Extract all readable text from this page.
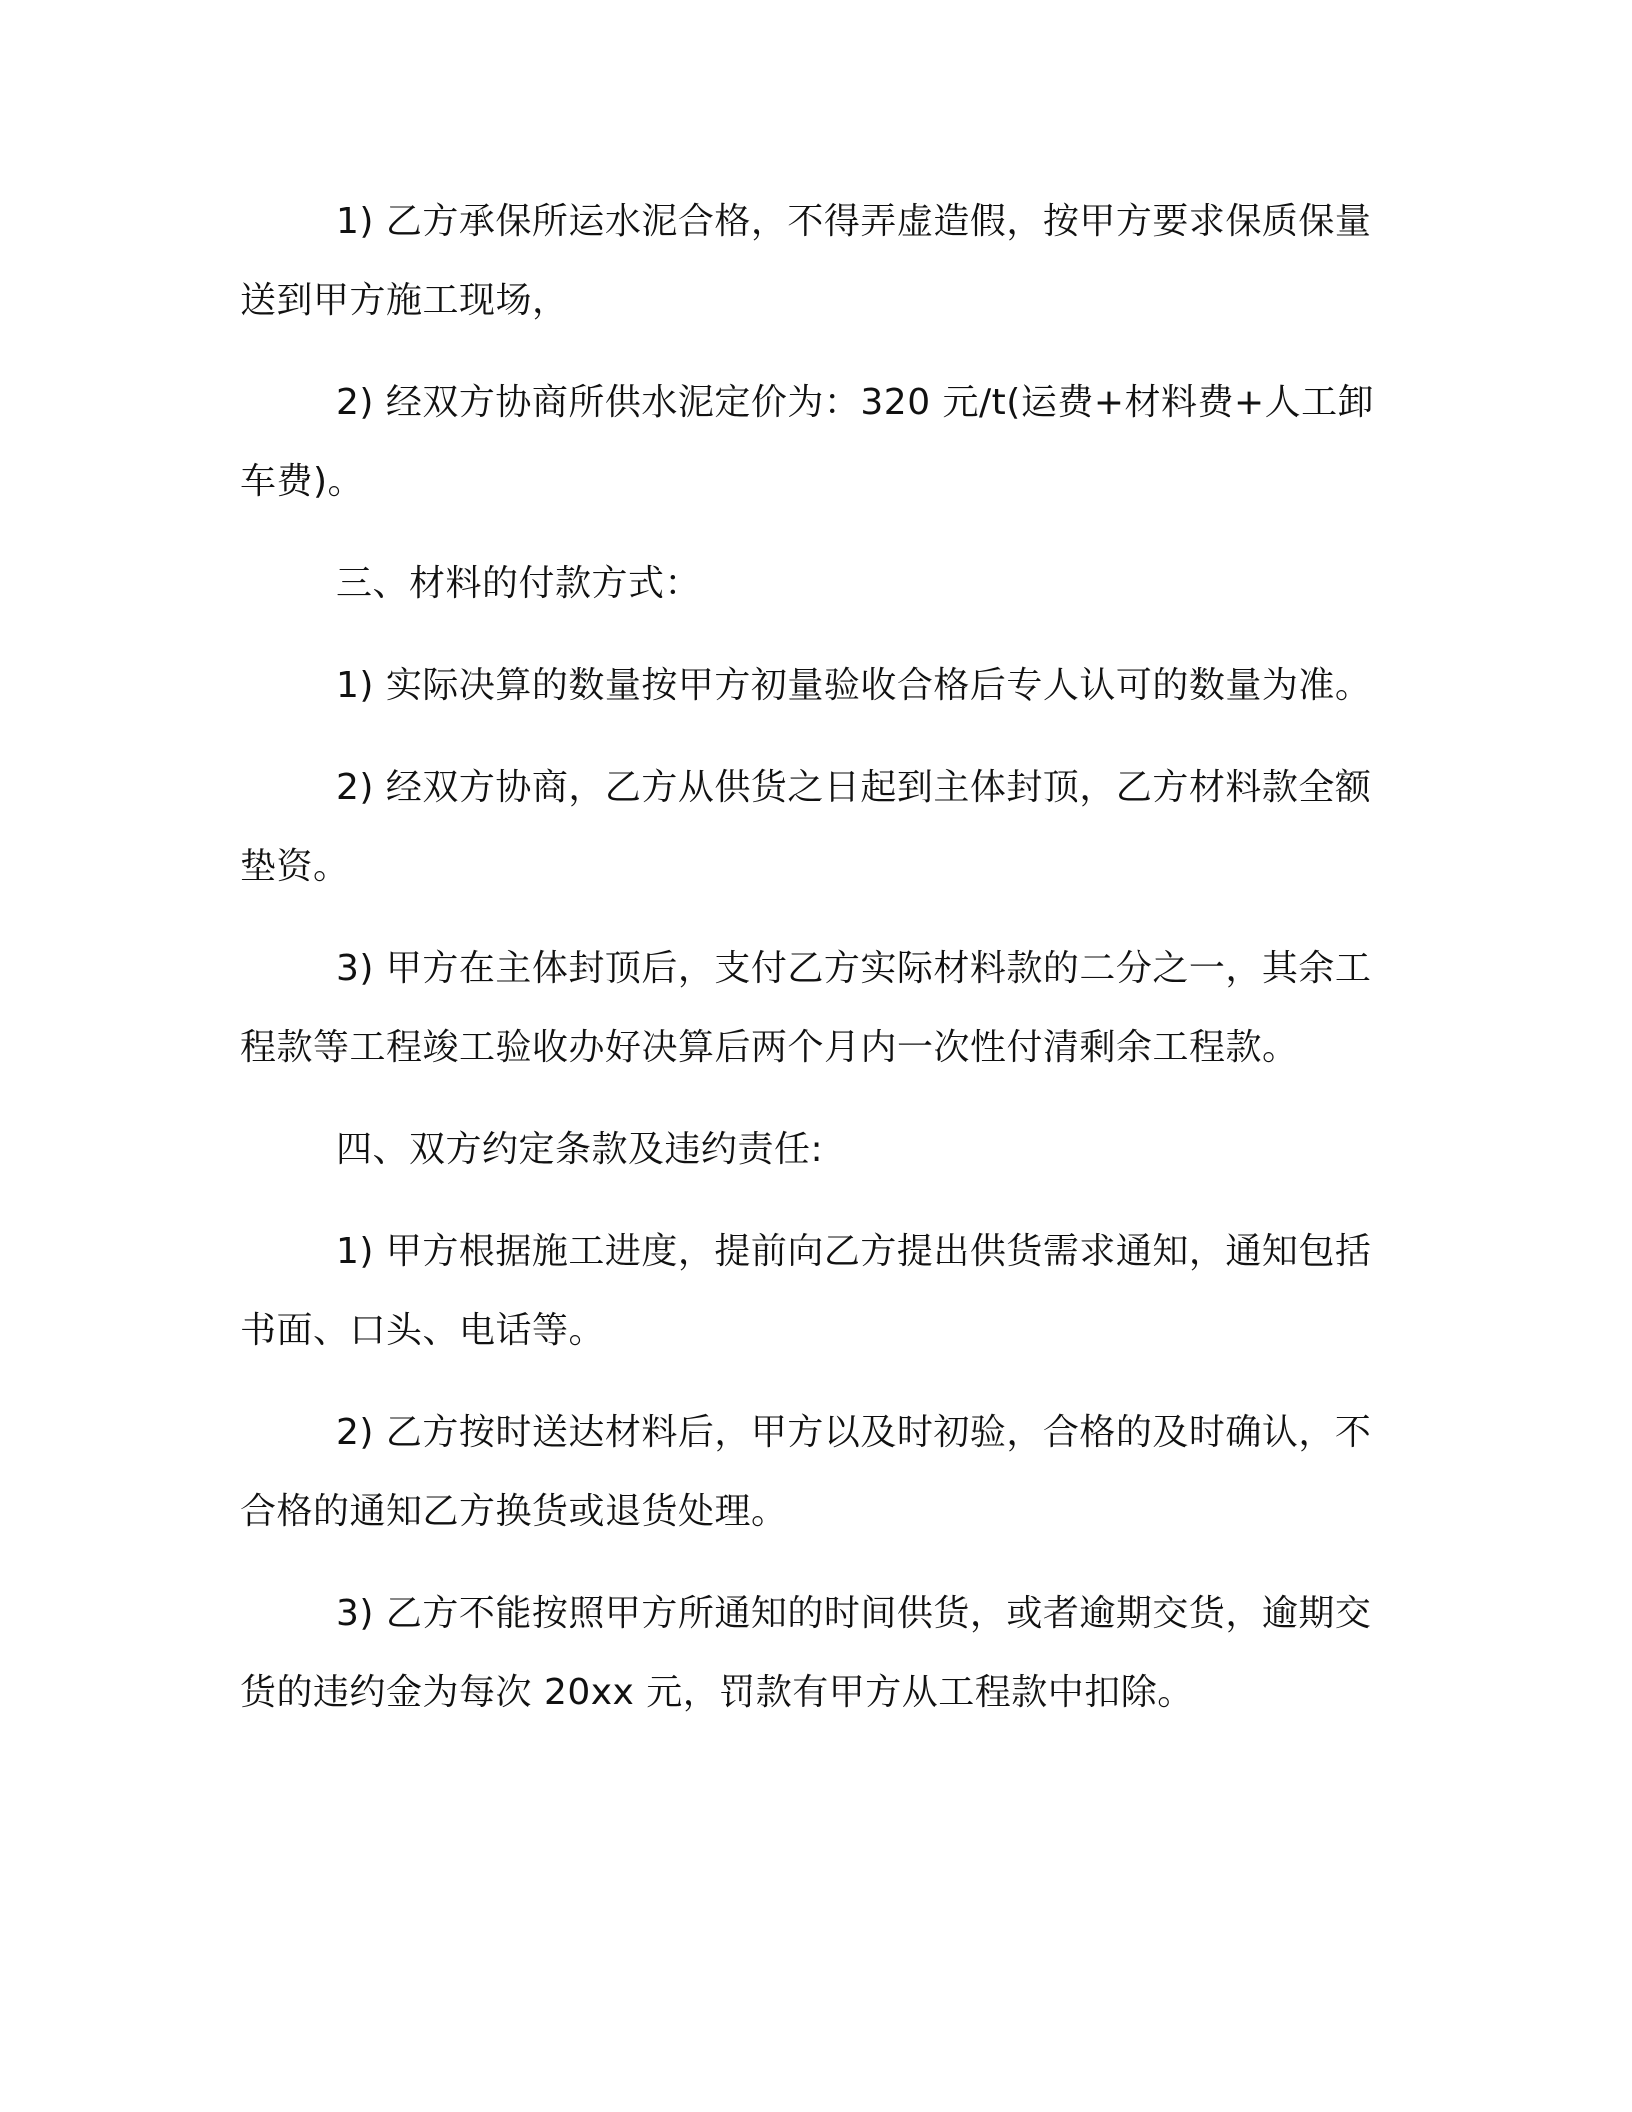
1) 乙方承保所运水泥合格，不得弄虚造假，按甲方要求保质保量送到甲方施工现场，

2) 经双方协商所供水泥定价为：320 元/t(运费+材料费+人工卸车费)。

三、材料的付款方式：

1) 实际决算的数量按甲方初量验收合格后专人认可的数量为准。

2) 经双方协商，乙方从供货之日起到主体封顶，乙方材料款全额垫资。

3) 甲方在主体封顶后，支付乙方实际材料款的二分之一，其余工程款等工程竣工验收办好决算后两个月内一次性付清剩余工程款。

四、双方约定条款及违约责任:

1) 甲方根据施工进度，提前向乙方提出供货需求通知，通知包括书面、口头、电话等。

2) 乙方按时送达材料后，甲方以及时初验，合格的及时确认，不合格的通知乙方换货或退货处理。

3) 乙方不能按照甲方所通知的时间供货，或者逾期交货，逾期交货的违约金为每次 20xx 元，罚款有甲方从工程款中扣除。
